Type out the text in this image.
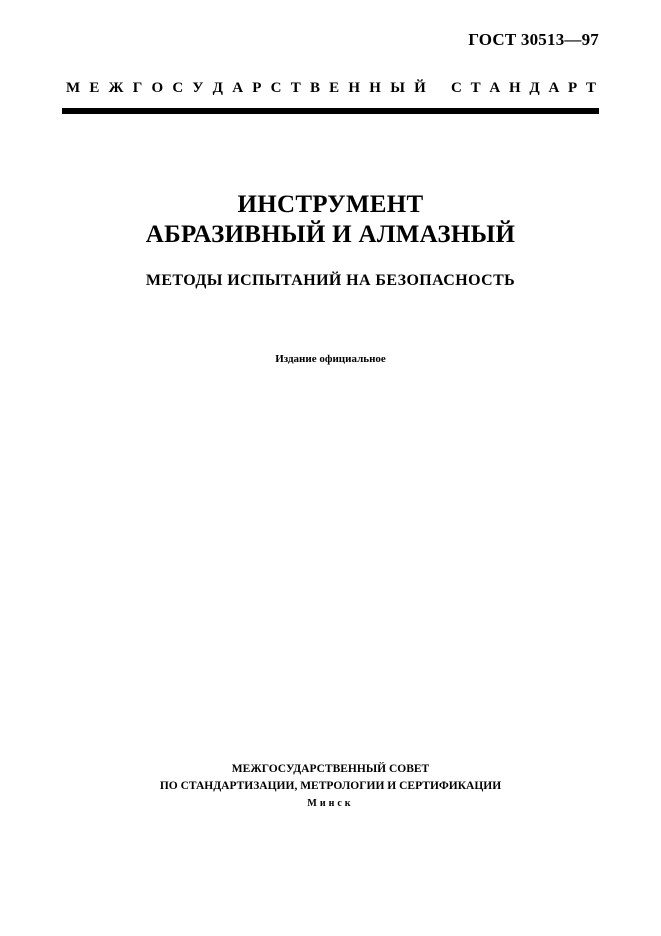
ГОСТ 30513—97
М Е Ж Г О С У Д А Р С Т В Е Н Н Ы Й С Т А Н Д А Р Т
ИНСТРУМЕНТ
АБРАЗИВНЫЙ И АЛМАЗНЫЙ
МЕТОДЫ ИСПЫТАНИЙ НА БЕЗОПАСНОСТЬ
Издание официальное
МЕЖГОСУДАРСТВЕННЫЙ СОВЕТ
ПО СТАНДАРТИЗАЦИИ, МЕТРОЛОГИИ И СЕРТИФИКАЦИИ
Минск
